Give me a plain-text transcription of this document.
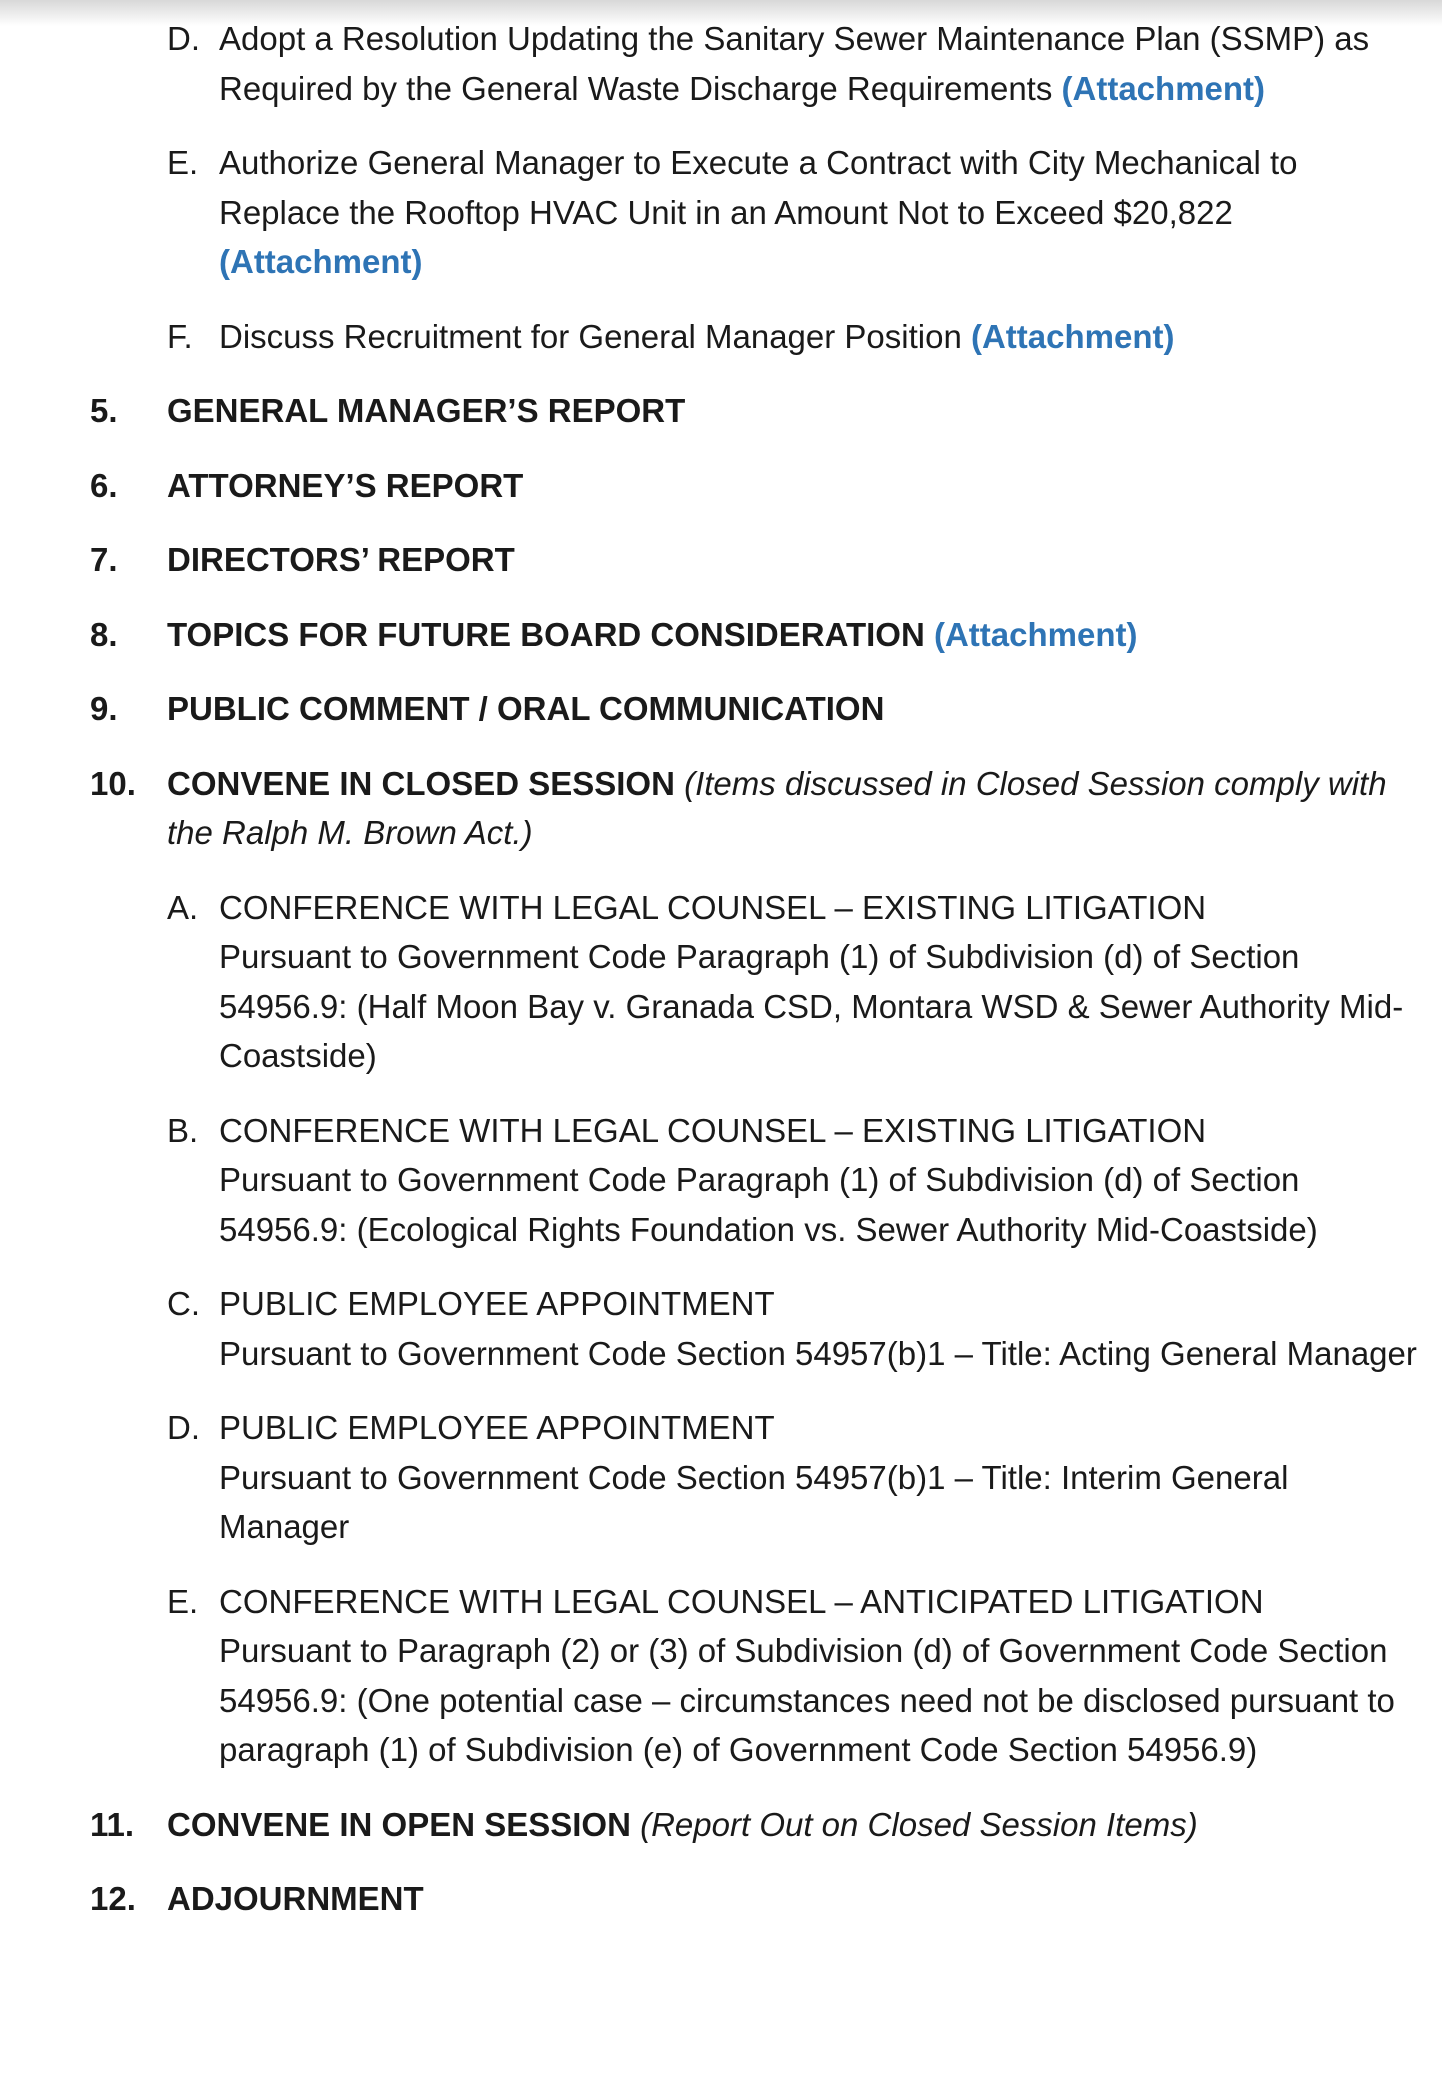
D. Adopt a Resolution Updating the Sanitary Sewer Maintenance Plan (SSMP) as Required by the General Waste Discharge Requirements (Attachment)
E. Authorize General Manager to Execute a Contract with City Mechanical to Replace the Rooftop HVAC Unit in an Amount Not to Exceed $20,822
(Attachment)
F. Discuss Recruitment for General Manager Position (Attachment)
5. GENERAL MANAGER’S REPORT
6. ATTORNEY’S REPORT
7. DIRECTORS’ REPORT
8. TOPICS FOR FUTURE BOARD CONSIDERATION (Attachment)
9. PUBLIC COMMENT / ORAL COMMUNICATION
10. CONVENE IN CLOSED SESSION (Items discussed in Closed Session comply with the Ralph M. Brown Act.)
A. CONFERENCE WITH LEGAL COUNSEL – EXISTING LITIGATION
Pursuant to Government Code Paragraph (1) of Subdivision (d) of Section 54956.9: (Half Moon Bay v. Granada CSD, Montara WSD & Sewer Authority Mid-Coastside)
B. CONFERENCE WITH LEGAL COUNSEL – EXISTING LITIGATION
Pursuant to Government Code Paragraph (1) of Subdivision (d) of Section 54956.9: (Ecological Rights Foundation vs. Sewer Authority Mid-Coastside)
C. PUBLIC EMPLOYEE APPOINTMENT
Pursuant to Government Code Section 54957(b)1 – Title: Acting General Manager
D. PUBLIC EMPLOYEE APPOINTMENT
Pursuant to Government Code Section 54957(b)1 – Title: Interim General Manager
E. CONFERENCE WITH LEGAL COUNSEL – ANTICIPATED LITIGATION
Pursuant to Paragraph (2) or (3) of Subdivision (d) of Government Code Section 54956.9: (One potential case – circumstances need not be disclosed pursuant to paragraph (1) of Subdivision (e) of Government Code Section 54956.9)
11. CONVENE IN OPEN SESSION (Report Out on Closed Session Items)
12. ADJOURNMENT
